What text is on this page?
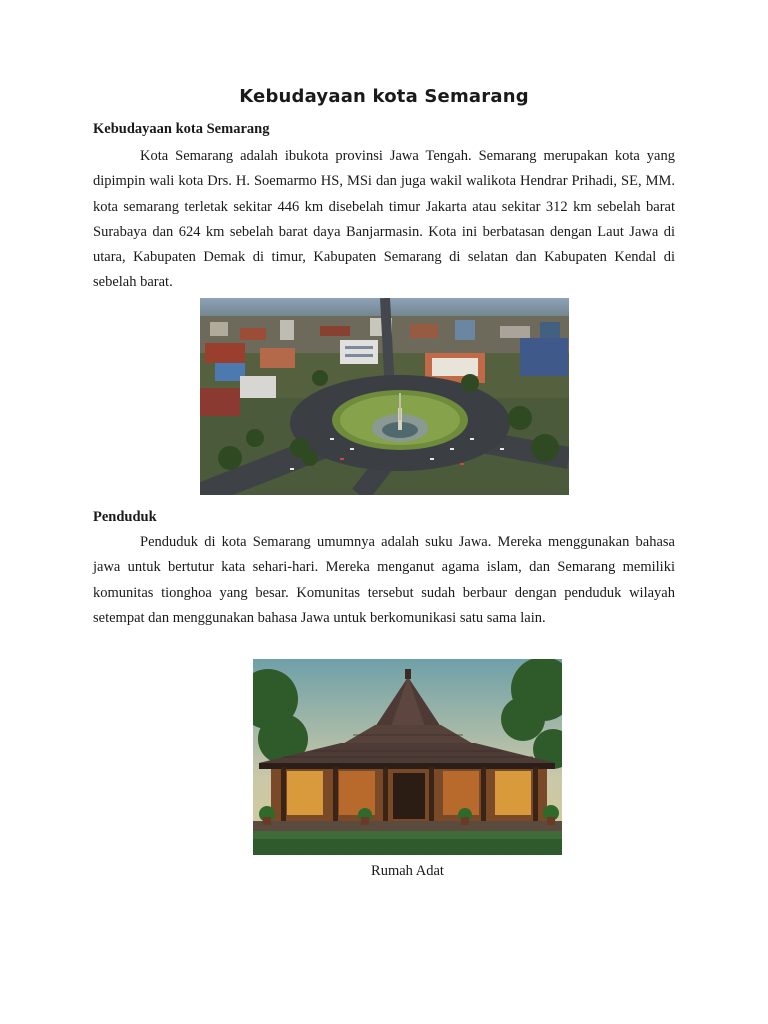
Kebudayaan kota Semarang
Kebudayaan kota Semarang

Kota Semarang adalah ibukota provinsi Jawa Tengah. Semarang merupakan kota yang dipimpin wali kota Drs. H. Soemarmo HS, MSi dan juga wakil walikota Hendrar Prihadi, SE, MM. kota semarang terletak sekitar 446 km disebelah timur Jakarta atau sekitar 312 km sebelah barat Surabaya dan 624 km sebelah barat daya Banjarmasin. Kota ini berbatasan dengan Laut Jawa di utara, Kabupaten Demak di timur, Kabupaten Semarang di selatan dan Kabupaten Kendal di sebelah barat.

Penduduk

Penduduk di kota Semarang umumnya adalah suku Jawa. Mereka menggunakan bahasa jawa untuk bertutur kata sehari-hari. Mereka menganut agama islam, dan Semarang memiliki komunitas tionghoa yang besar. Komunitas tersebut sudah berbaur dengan penduduk wilayah setempat dan menggunakan bahasa Jawa untuk berkomunikasi satu sama lain.

Rumah Adat
